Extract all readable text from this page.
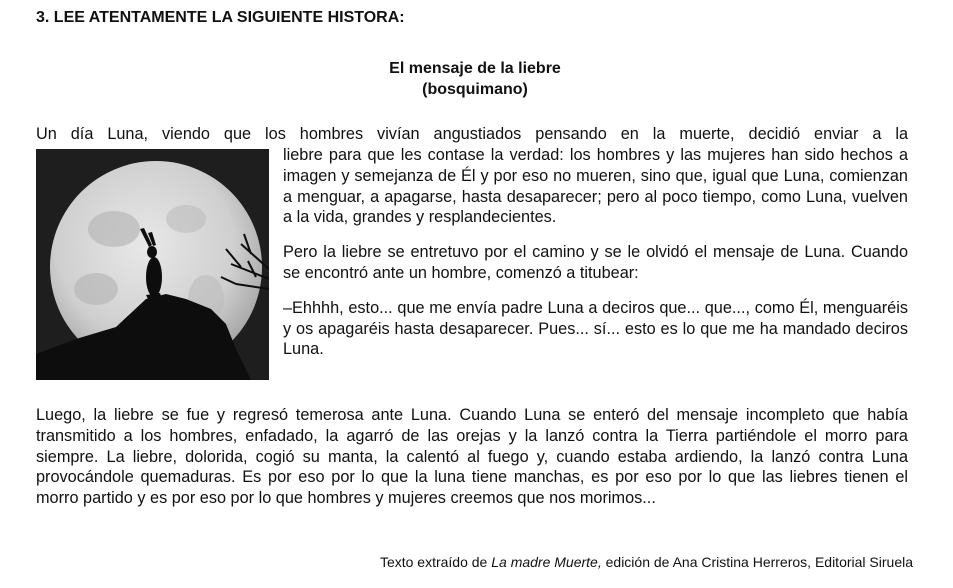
3. LEE ATENTAMENTE LA SIGUIENTE HISTORA:
El mensaje de la liebre
(bosquimano)

Un día Luna, viendo que los hombres vivían angustiados pensando en la muerte, decidió enviar a la

liebre para que les contase la verdad: los hombres y las mujeres han sido hechos a imagen y semejanza de Él y por eso no mueren, sino que, igual que Luna, comienzan a menguar, a apagarse, hasta desaparecer; pero al poco tiempo, como Luna, vuelven a la vida, grandes y resplandecientes.

Pero la liebre se entretuvo por el camino y se le olvidó el mensaje de Luna. Cuando se encontró ante un hombre, comenzó a titubear:

–Ehhhh, esto... que me envía padre Luna a deciros que... que..., como Él, menguaréis y os apagaréis hasta desaparecer. Pues... sí... esto es lo que me ha mandado deciros Luna.

Luego, la liebre se fue y regresó temerosa ante Luna. Cuando Luna se enteró del mensaje incompleto que había transmitido a los hombres, enfadado, la agarró de las orejas y la lanzó contra la Tierra partiéndole el morro para siempre. La liebre, dolorida, cogió su manta, la calentó al fuego y, cuando estaba ardiendo, la lanzó contra Luna provocándole quemaduras. Es por eso por lo que la luna tiene manchas, es por eso por lo que las liebres tienen el morro partido y es por eso por lo que hombres y mujeres creemos que nos morimos...

Texto extraído de La madre Muerte, edición de Ana Cristina Herreros, Editorial Siruela
